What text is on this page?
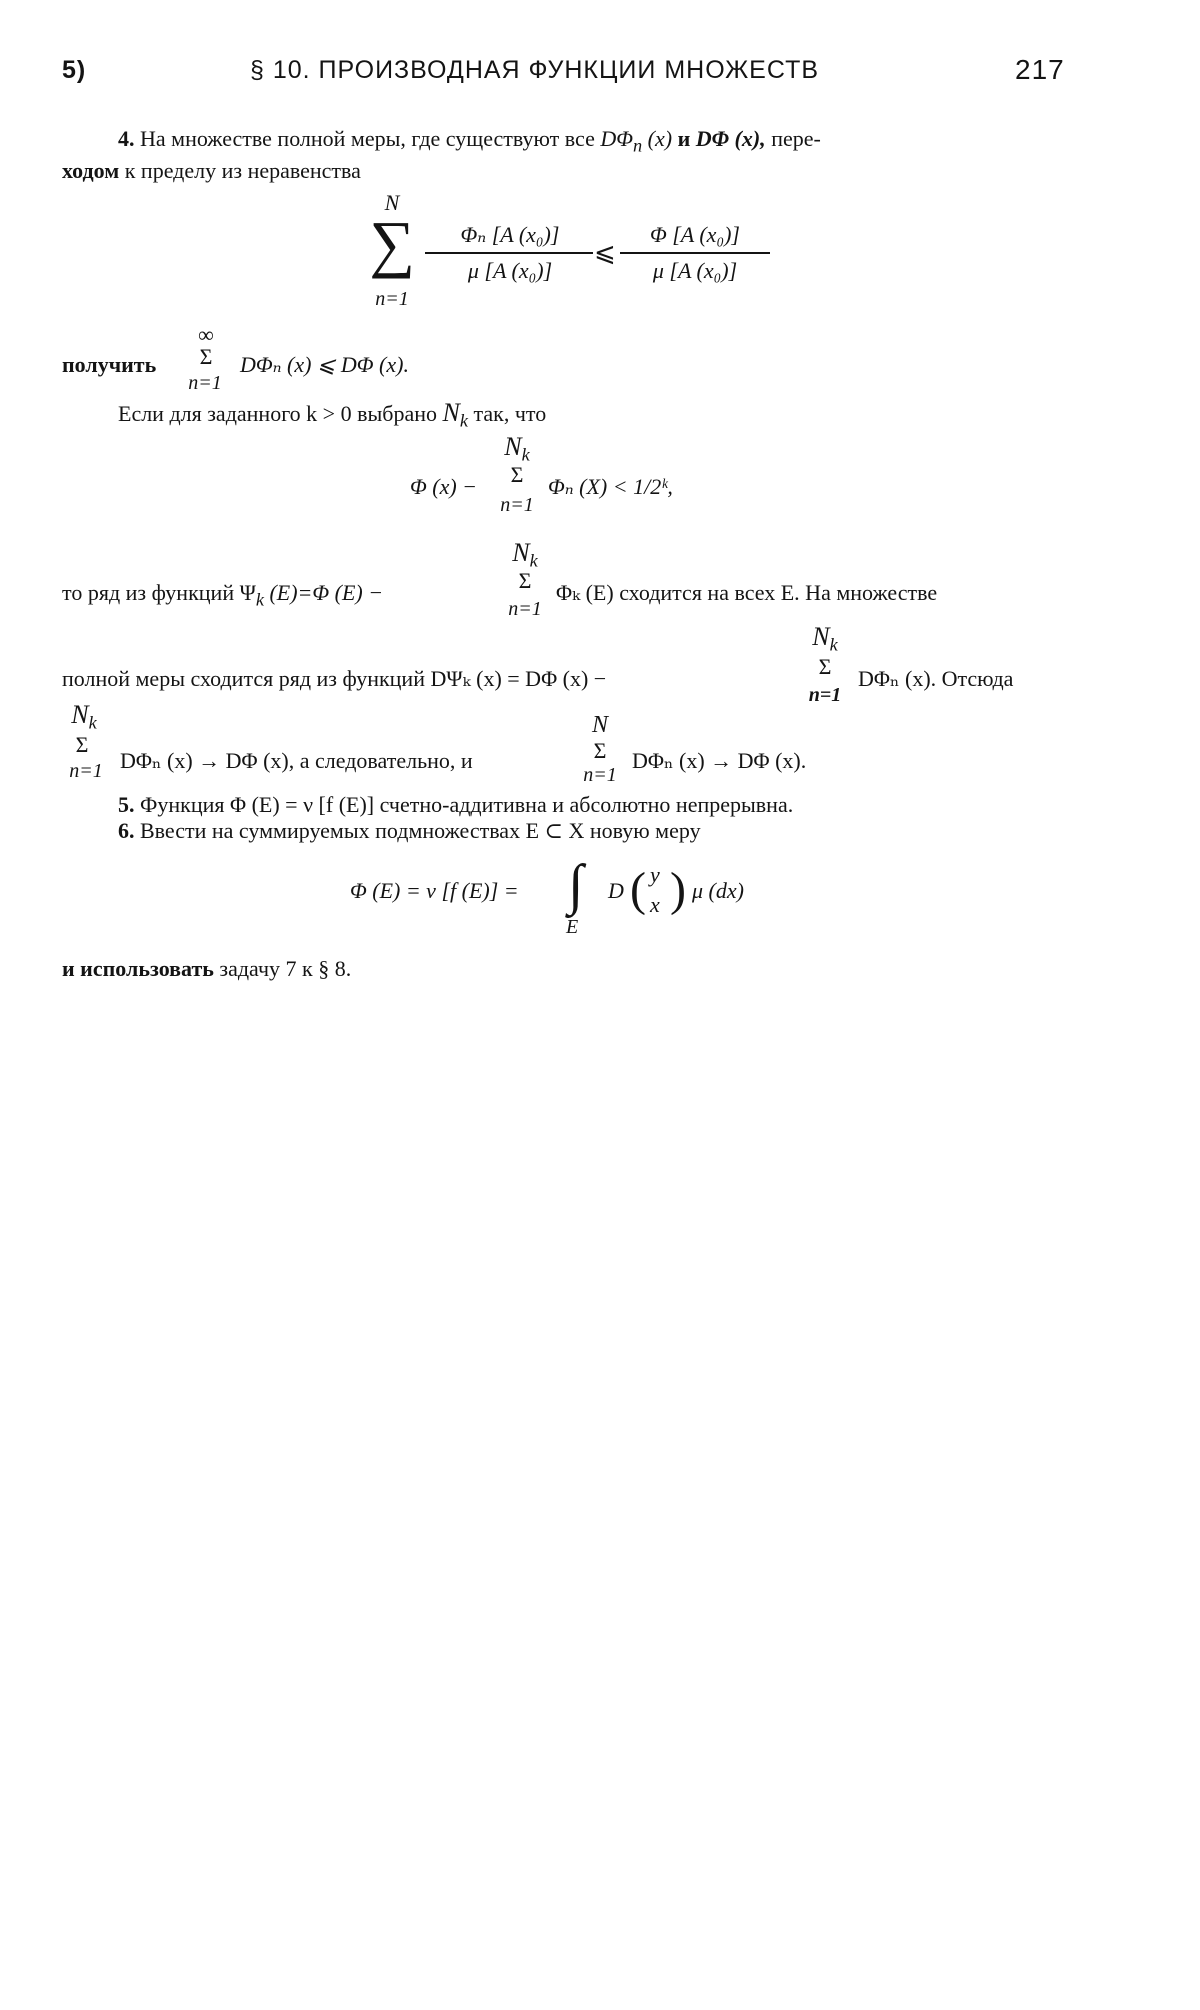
5)	§ 10. ПРОИЗВОДНАЯ ФУНКЦИИ МНОЖЕСТВ	217
4. На множестве полной меры, где существуют все $D\Phi_n$ (x) и DΦ (x), пере-
ходом к пределу из неравенства
N
∑
n=1
Φₙ [A (x₀)]
μ [A (x₀)]
⩽
Φ [A (x₀)]
μ [A (x₀)]
получить
∞
Σ
n=1
DΦₙ (x) ⩽ DΦ (x).
Если для заданного k > 0 выбрано $N_k$ так, что
Φ (x) −
$N_k$
Σ
n=1
Φₙ (X) < 1/2ᵏ,
то ряд из функций $\Psi_k$ (E)=Φ (E) −
$N_k$
Σ
n=1
Φₖ (E) сходится на всех E. На множестве
полной меры сходится ряд из функций DΨₖ (x) = DΦ (x) −
$N_k$
Σ
n=1
DΦₙ (x). Отсюда
$N_k$
Σ
n=1 DΦₙ (x) → DΦ (x), а следовательно, и
N
Σ
n=1
DΦₙ (x) → DΦ (x).
5. Функция Φ (E) = ν [f (E)] счетно-аддитивна и абсолютно непрерывна.
6. Ввести на суммируемых подмножествах E ⊂ X новую меру
Φ (E) = ν [f (E)] = ∫
E
D ( y
x ) μ (dx)
и использовать задачу 7 к § 8.
